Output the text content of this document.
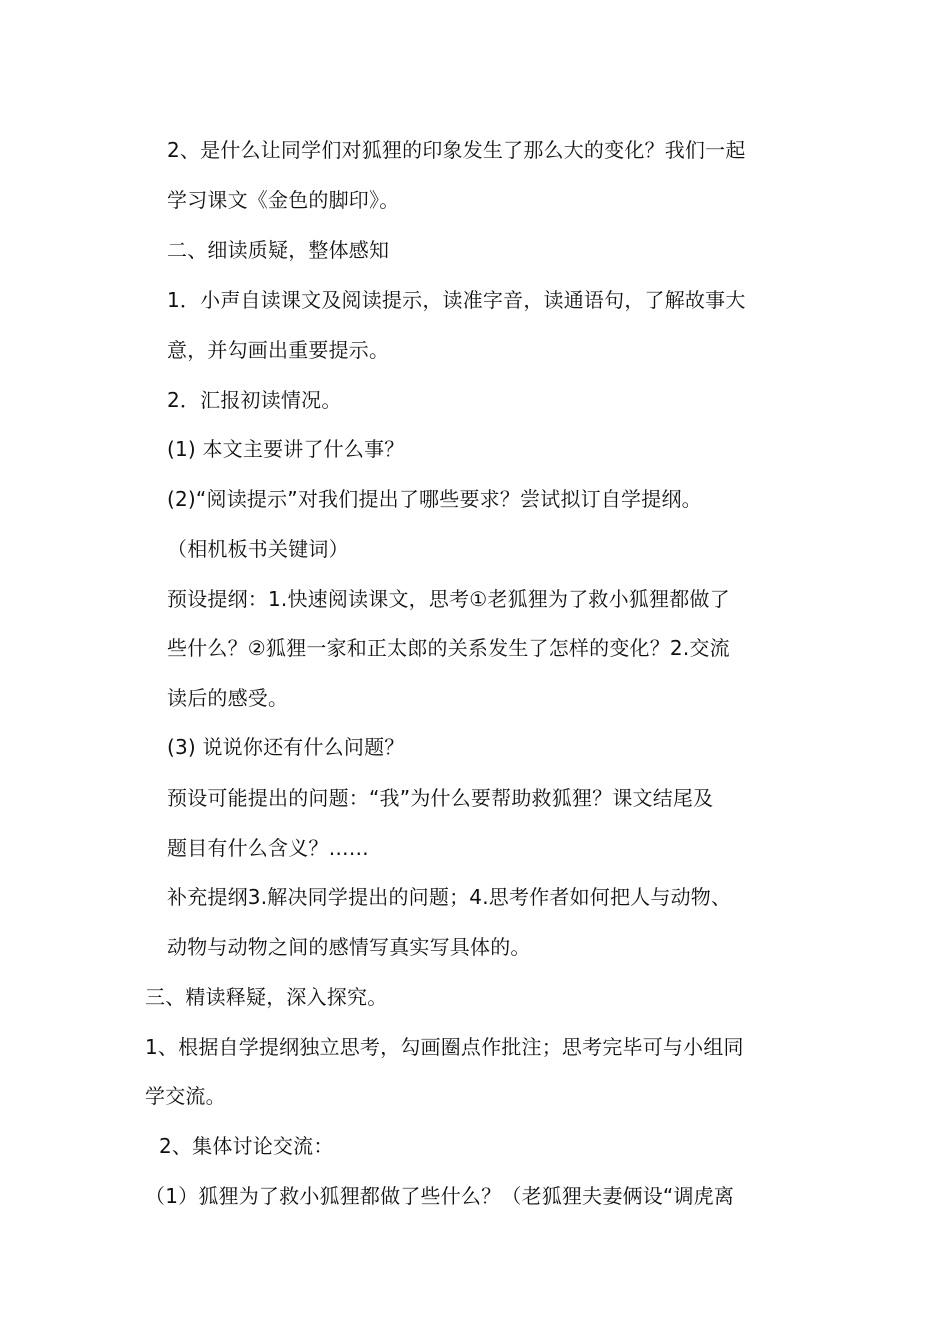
2、是什么让同学们对狐狸的印象发生了那么大的变化？我们一起
学习课文《金色的脚印》。
二、细读质疑，整体感知
1．小声自读课文及阅读提示，读准字音，读通语句，了解故事大
意，并勾画出重要提示。
2．汇报初读情况。
(1) 本文主要讲了什么事？
(2)“阅读提示”对我们提出了哪些要求？尝试拟订自学提纲。
（相机板书关键词）
预设提纲：1.快速阅读课文，思考①老狐狸为了救小狐狸都做了
些什么？②狐狸一家和正太郎的关系发生了怎样的变化？2.交流
读后的感受。
(3) 说说你还有什么问题？
预设可能提出的问题：“我”为什么要帮助救狐狸？课文结尾及
题目有什么含义？……
补充提纲3.解决同学提出的问题；4.思考作者如何把人与动物、
动物与动物之间的感情写真实写具体的。
三、精读释疑，深入探究。
1、根据自学提纲独立思考，勾画圈点作批注；思考完毕可与小组同
学交流。
2、集体讨论交流：
（1）狐狸为了救小狐狸都做了些什么？（老狐狸夫妻俩设“调虎离
